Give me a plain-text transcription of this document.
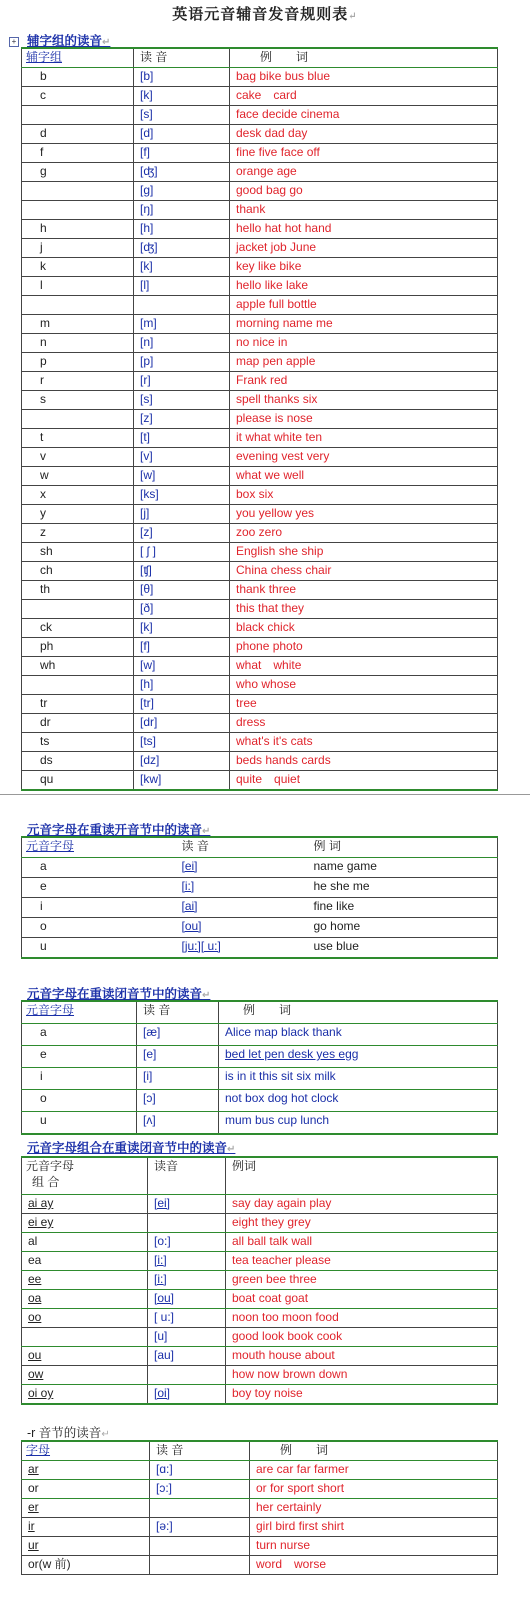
英语元音辅音发音规则表↵
+ 辅字组的读音↵
辅字组	读 音	例　　词
b	[b]	bag bike bus blue
c	[k]	cake　card
	[s]	face decide cinema
d	[d]	desk dad day
f	[f]	fine five face off
g	[ʤ]	orange age
	[g]	good bag go
	[ŋ]	thank
h	[h]	hello hat hot hand
j	[ʤ]	jacket job June
k	[k]	key like bike
l	[l]	hello like lake
		apple full bottle
m	[m]	morning name me
n	[n]	no nice in
p	[p]	map pen apple
r	[r]	Frank red
s	[s]	spell thanks six
	[z]	please is nose
t	[t]	it what white ten
v	[v]	evening vest very
w	[w]	what we well
x	[ks]	box six
y	[j]	you yellow yes
z	[z]	zoo zero
sh	[ ʃ ]	English she ship
ch	[ʧ]	China chess chair
th	[θ]	thank three
	[ð]	this that they
ck	[k]	black chick
ph	[f]	phone photo
wh	[w]	what　white
	[h]	who whose
tr	[tr]	tree
dr	[dr]	dress
ts	[ts]	what's it's cats
ds	[dz]	beds hands cards
qu	[kw]	quite　quiet
元音字母在重读开音节中的读音↵
元音字母	读 音	例 词
a	[ei]	name game
e	[i:]	he she me
i	[ai]	fine like
o	[ou]	go home
u	[ju:][ u:]	use blue
元音字母在重读闭音节中的读音↵
元音字母	读 音	例　　词
a	[æ]	Alice map black thank
e	[e]	bed let pen desk yes egg
i	[i]	is in it this sit six milk
o	[ɔ]	not box dog hot clock
u	[ʌ]	mum bus cup lunch
元音字母组合在重读闭音节中的读音↵
元音字母
组 合	读音	例词
ai ay	[ei]	say day again play
ei ey		eight they grey
al	[o:]	all ball talk wall
ea	[i:]	tea teacher please
ee	[i:]	green bee three
oa	[ou]	boat coat goat
oo	[ u:]	noon too moon food
	[u]	good look book cook
ou	[au]	mouth house about
ow		how now brown down
oi oy	[oi]	boy toy noise
-r 音节的读音↵
字母	读 音	例　　词
ar	[ɑ:]	are car far farmer
or	[ɔ:]	or for sport short
er		her certainly
ir	[ə:]	girl bird first shirt
ur		turn nurse
or(w 前)		word　worse
